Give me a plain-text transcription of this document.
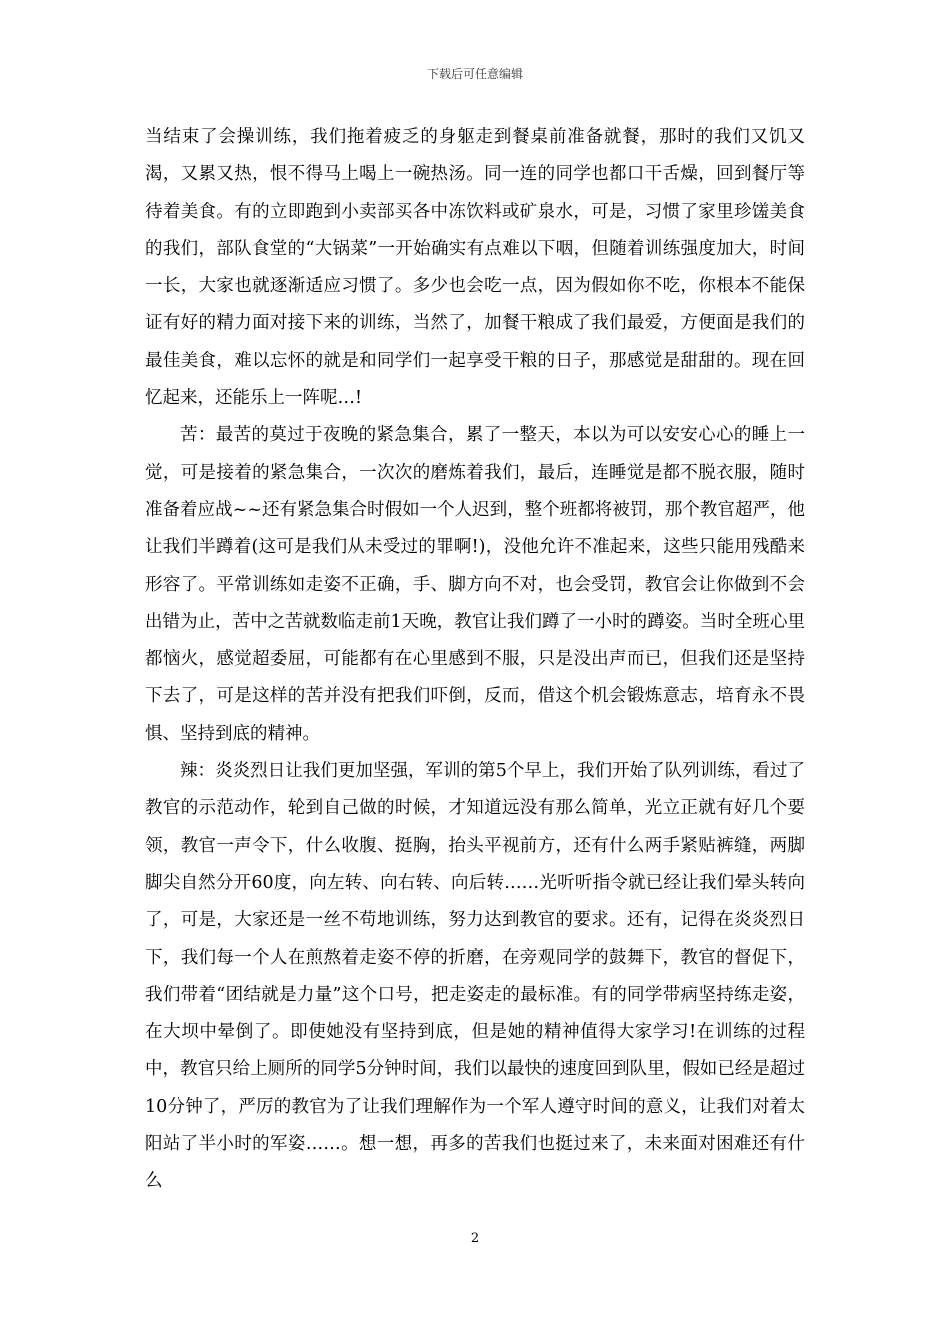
下载后可任意编辑

当结束了会操训练，我们拖着疲乏的身躯走到餐桌前准备就餐，那时的我们又饥又渴，又累又热，恨不得马上喝上一碗热汤。同一连的同学也都口干舌燥，回到餐厅等待着美食。有的立即跑到小卖部买各中冻饮料或矿泉水，可是，习惯了家里珍馐美食的我们，部队食堂的“大锅菜”一开始确实有点难以下咽，但随着训练强度加大，时间一长，大家也就逐渐适应习惯了。多少也会吃一点，因为假如你不吃，你根本不能保证有好的精力面对接下来的训练，当然了，加餐干粮成了我们最爱，方便面是我们的最佳美食，难以忘怀的就是和同学们一起享受干粮的日子，那感觉是甜甜的。现在回忆起来，还能乐上一阵呢…!

苦：最苦的莫过于夜晚的紧急集合，累了一整天，本以为可以安安心心的睡上一觉，可是接着的紧急集合，一次次的磨炼着我们，最后，连睡觉是都不脱衣服，随时准备着应战~~还有紧急集合时假如一个人迟到，整个班都将被罚，那个教官超严，他让我们半蹲着(这可是我们从未受过的罪啊!)，没他允许不准起来，这些只能用残酷来形容了。平常训练如走姿不正确，手、脚方向不对，也会受罚，教官会让你做到不会出错为止，苦中之苦就数临走前1天晚，教官让我们蹲了一小时的蹲姿。当时全班心里都恼火，感觉超委屈，可能都有在心里感到不服，只是没出声而已，但我们还是坚持下去了，可是这样的苦并没有把我们吓倒，反而，借这个机会锻炼意志，培育永不畏惧、坚持到底的精神。

辣：炎炎烈日让我们更加坚强，军训的第5个早上，我们开始了队列训练，看过了教官的示范动作，轮到自己做的时候，才知道远没有那么简单，光立正就有好几个要领，教官一声令下，什么收腹、挺胸，抬头平视前方，还有什么两手紧贴裤缝，两脚脚尖自然分开60度，向左转、向右转、向后转……光听听指令就已经让我们晕头转向了，可是，大家还是一丝不苟地训练，努力达到教官的要求。还有，记得在炎炎烈日下，我们每一个人在煎熬着走姿不停的折磨，在旁观同学的鼓舞下，教官的督促下，我们带着“团结就是力量”这个口号，把走姿走的最标准。有的同学带病坚持练走姿，在大坝中晕倒了。即使她没有坚持到底，但是她的精神值得大家学习!在训练的过程中，教官只给上厕所的同学5分钟时间，我们以最快的速度回到队里，假如已经是超过10分钟了，严厉的教官为了让我们理解作为一个军人遵守时间的意义，让我们对着太阳站了半小时的军姿……。想一想，再多的苦我们也挺过来了，未来面对困难还有什么

2
